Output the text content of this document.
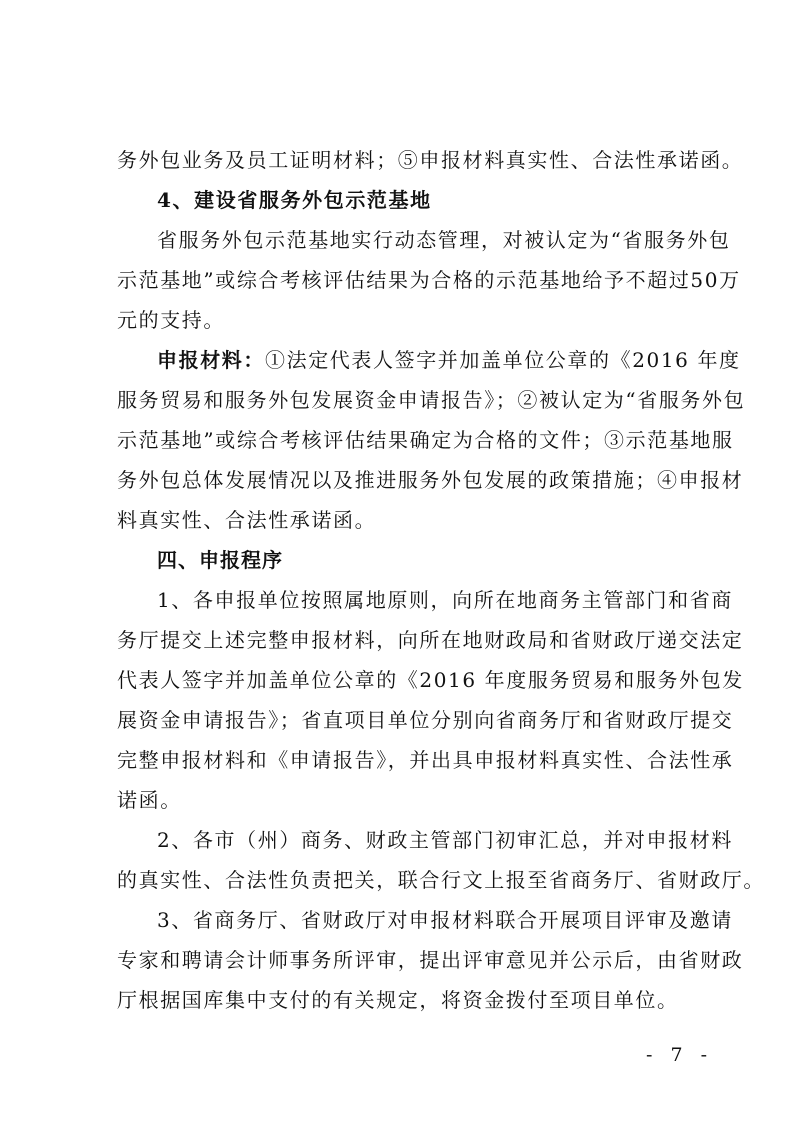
务外包业务及员工证明材料；⑤申报材料真实性、合法性承诺函。
4、建设省服务外包示范基地
省服务外包示范基地实行动态管理，对被认定为“省服务外包
示范基地”或综合考核评估结果为合格的示范基地给予不超过50万
元的支持。
申报材料：①法定代表人签字并加盖单位公章的《2016 年度
服务贸易和服务外包发展资金申请报告》；②被认定为“省服务外包
示范基地”或综合考核评估结果确定为合格的文件；③示范基地服
务外包总体发展情况以及推进服务外包发展的政策措施；④申报材
料真实性、合法性承诺函。
四、申报程序
1、各申报单位按照属地原则，向所在地商务主管部门和省商
务厅提交上述完整申报材料，向所在地财政局和省财政厅递交法定
代表人签字并加盖单位公章的《2016 年度服务贸易和服务外包发
展资金申请报告》；省直项目单位分别向省商务厅和省财政厅提交
完整申报材料和《申请报告》，并出具申报材料真实性、合法性承
诺函。
2、各市（州）商务、财政主管部门初审汇总，并对申报材料
的真实性、合法性负责把关，联合行文上报至省商务厅、省财政厅。
3、省商务厅、省财政厅对申报材料联合开展项目评审及邀请
专家和聘请会计师事务所评审，提出评审意见并公示后，由省财政
厅根据国库集中支付的有关规定，将资金拨付至项目单位。
- 7 -
